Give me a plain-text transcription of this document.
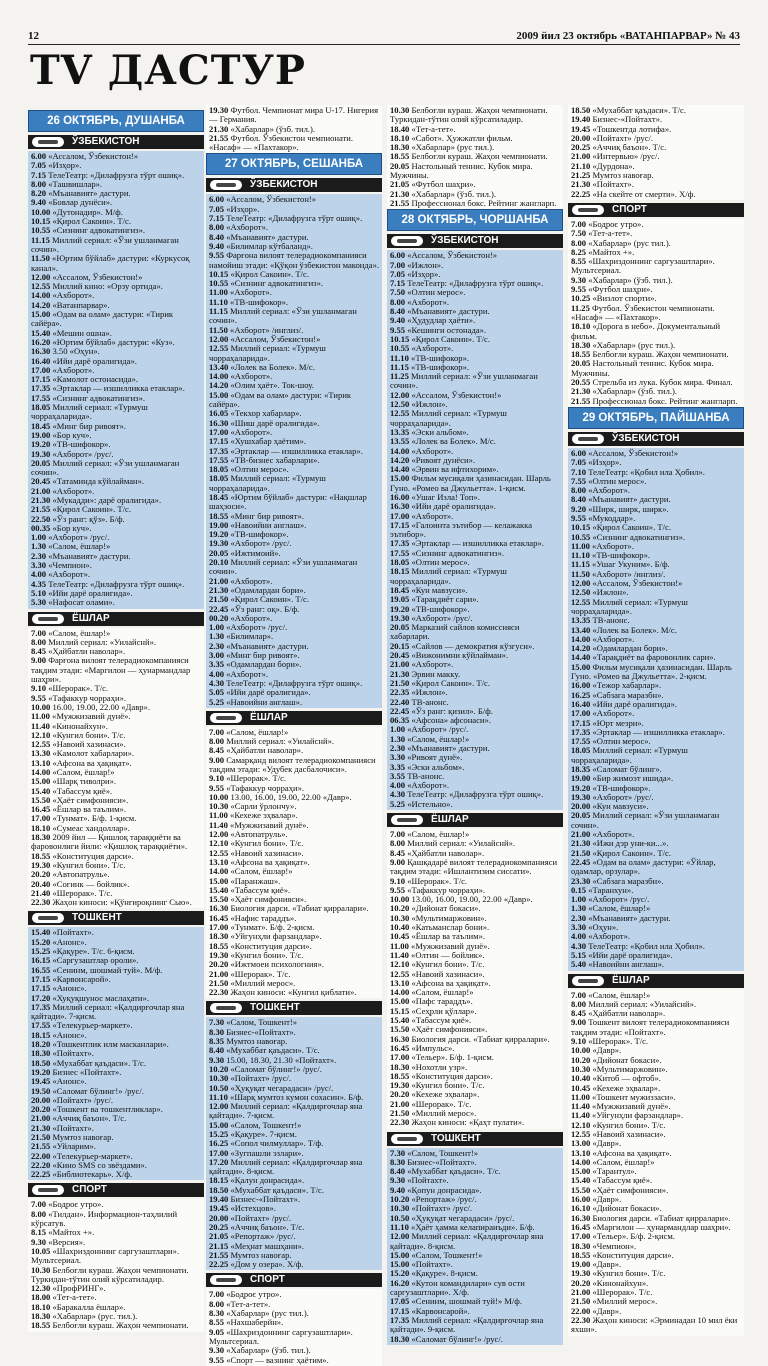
12	2009 йил 23 октябрь «ВАТАНПАРВАР» № 43
TV ДАСТУР
26 ОКТЯБРЬ, ДУШАНБА
ЎЗБЕКИСТОН
6.00 «Ассалом, Ўзбекистон!»
7.05 «Изҳор».
7.15 ТелеТеатр: «Дилафрузга тўрт ошиқ».
8.00 «Ташвишлар».
8.20 «Мъанавият» дастури.
9.40 «Бовлар дунёси».
10.00 «Дутонадир». М/ф.
10.15 «Қирол Сакоин». Т/с.
10.55 «Сизнинг адвокатингиз».
11.15 Миллий сериал: «Ўзи ушланмаган сочин».
11.50 «Юртим бўйлаб» дастури: «Куркусоқ канал».
12.00 «Ассалом, Ўзбекистон!»
12.55 Миллий кино: «Орзу ортида».
14.00 «Ахборот».
14.20 «Ватанпарвар».
15.00 «Одам ва олам» дастури: «Тирик сайёра».
15.40 «Мешин ошна».
16.20 «Юртим бўйлаб» дастури: «Куз».
16.30 3.50 «Оҳун».
16.40 «Ийи дарё оралигида».
17.00 «Ахборот».
17.15 «Камолот остонасида».
17.35 «Эртаклар — изшилликка етаклар».
17.55 «Сизнинг адвокатингиз».
18.05 Миллий сериал: «Турмуш чорраҳаларида».
18.45 «Минг бир ривоят».
19.00 «Бор куч».
19.20 «ТВ-шифокор».
19.30 «Ахборот» /рус/.
20.05 Миллий сериал: «Ўзи ушланмаган сочин».
20.45 «Татаминда кўйлайман».
21.00 «Ахборот».
21.30 «Мукадди»: дарё оралигида».
21.55 «Қирол Сакоин». Т/с.
22.50 «Ўз ранг: қўз». Б/ф.
00.35 «Бор куч».
1.00 «Ахборот» /рус/.
1.30 «Салом, ёшлар!»
2.30 «Мъанавият» дастури.
3.30 «Чемпион».
4.00 «Ахборот».
4.35 ТелеТеатр: «Дилафрузга тўрт ошиқ».
5.10 «Ийи дарё оралигида».
5.30 «Нафосат олами».
ЁШЛАР
7.00 «Салом, ёшлар!»
8.00 Миллий сериал: «Уилайснй».
8.45 «Ҳайбатли наволар».
9.00 Фарғона вилоят телерадиокомпанияси тақдим этади: «Маргилон — ҳунармандлар шаҳри».
9.10 «Шерорак». Т/с.
9.55 «Тафаккур чорраҳи».
10.00 16.00, 19.00, 22.00 «Давр».
11.00 «Мужжизавий дунё».
11.40 «Кинонайхун».
12.10 «Кунгил бони». Т/с.
12.55 «Навоий хазинаси».
13.30 «Камолот хабарлари».
13.10 «Афсона ва ҳақиқат».
14.00 «Салом, ёшлар!»
15.00 «Шарқ тиволри».
15.40 «Табассум қиё».
15.50 «Ҳаёт симфонияси».
16.45 «Ёшлар ва таълим».
17.00 «Тунмат». Б/ф. 1-қисм.
18.10 «Сумеас хандоллар».
18.30 2009 йил — Қишлоқ тараққиёти ва фаровонлиги йили: «Қишлоқ тараққиёти».
18.55 «Конституция дарси».
19.30 «Кунгил бони». Т/с.
20.20 «Автопатруль».
20.40 «Согинк — бойлик».
21.40 «Шерорак». Т/с.
22.30 Жаҳон киноси: «Қўнғироқнинг Сью».
ТОШКЕНТ
15.40 «Пойтахт».
15.20 «Анонс».
15.25 «Қақуре». Т/с. 6-қисм.
16.15 «Саргузаштлар ороли».
16.55 «Сенинм, шошмай туй». М/ф.
17.15 «Карвонсарой».
17.15 «Анонс».
17.20 «Хуқуқшунос маслаҳати».
17.35 Миллий сериал: «Қалдирғочлар яна қайтади». 7-қисм.
17.55 «Телекурьер-маркет».
18.15 «Анонс».
18.20 «Тошкентлик илм масканлари».
18.30 «Пойтахт».
18.50 «Мухаббат қаъдаси». Т/с.
19.20 Бизнес «Пойтахт».
19.45 «Анонс».
19.50 «Саломат бўлинг!» /рус/.
20.00 «Пойтахт» /рус/.
20.20 «Тошкент ва тошкентликлар».
21.00 «Аччиқ баъон». Т/с.
21.30 «Пойтахт».
21.50 Мумтоз навоғар.
21.55 «Уйларим».
22.00 «Телекурьер-маркет».
22.20 «Кино SMS со звёздами».
22.25 «Библиотекарь». Х/ф.
СПОРТ
7.00 «Бодроє утро».
8.00 «Тилдан». Информацион-таҳлилий кўрсатув.
8.15 «Майтоx +».
9.30 «Версия».
10.05 «Шахриздоннинг саргузаштлари». Мультсериал.
10.30 Белбоғли кураш. Жаҳон чемпионати. Туркидан-тўтин олий кўрсатиладир.
12.30 «ПрофРИНГ».
18.00 «Тет-а-тет».
18.10 «Баракалла ёшлар».
18.30 «Хабарлар» (рус. тил.).
18.55 Белбоғли кураш. Жаҳон чемпионати.
19.30 Футбол. Чемпионат мира U-17. Нигерия — Германия.
21.30 «Хабарлар» (ўзб. тил.).
21.55 Футбол. Ўзбекистон чемпионати. «Насаф» — «Пахтакор».
27 ОКТЯБРЬ, СЕШАНБА
ЎЗБЕКИСТОН
6.00 «Ассалом, Ўзбекистон!»
7.05 «Изҳор».
7.15 ТелеТеатр: «Дилафрузга тўрт ошиқ».
8.00 «Ахборот».
8.40 «Мъанавият» дастури.
9.40 «Билимлар кўтбаланд».
9.55 Фарғона вилоят телерадиокомпанияси намойиш этади: «Қўқон ўзбекистон маконда».
10.15 «Қирол Сакоин». Т/с.
10.55 «Сизнинг адвокатингиз».
11.00 «Ахборот».
11.10 «ТВ-шифокор».
11.15 Миллий сериал: «Ўзи ушланмаган сочин».
11.50 «Ахборот» /инглиз/.
12.00 «Ассалом, Ўзбекистон!»
12.55 Миллий сериал: «Турмуш чорраҳаларида».
13.40 «Лолек ва Болек». М/с.
14.00 «Ахборот».
14.20 «Олим ҳаёт». Ток-шоу.
15.00 «Одам ва олам» дастури: «Тирик сайёра».
16.05 «Текхор хабарлар».
16.30 «Шиш дарё оралигида».
17.00 «Ахборот».
17.15 «Хушхабар ҳаётим».
17.35 «Эртаклар — изшилликка етаклар».
17.55 «ТВ-бизнес хабарлари».
18.05 «Олтин мерос».
18.05 Миллий сериал: «Турмуш чорраҳаларида».
18.45 «Юртим бўйлаб» дастури: «Нақшлар шаҳзоси».
18.55 «Минг бир ривоят».
19.00 «Навоийни англаш».
19.20 «ТВ-шифокор».
19.30 «Ахборот» /рус/.
20.05 «Ижтимоий».
20.10 Миллий сериал: «Ўзи ушланмаган сочин».
21.00 «Ахборот».
21.30 «Одамлардан бори».
21.50 «Қирол Сакоин». Т/с.
22.45 «Ўз ранг: оқ». Б/ф.
00.20 «Ахборот».
1.00 «Ахборот» /рус/.
1.30 «Билимлар».
2.30 «Мъанавият» дастури.
3.00 «Минг бир ривоят».
3.35 «Одамлардан бори».
4.00 «Ахборот».
4.30 ТелеТеатр: «Дилафрузга тўрт ошиқ».
5.05 «Ийи дарё оралигида».
5.25 «Навоийни англаш».
ЁШЛАР
7.00 «Салом, ёшлар!»
8.00 Миллий сериал: «Уилайснй».
8.45 «Ҳайбатли наволар».
9.00 Самарқанд вилоят телерадиокомпанияси тақдим этади: «Удубек дасбалочиси».
9.10 «Шерорак». Т/с.
9.55 «Тафаккур чорраҳи».
10.00 13.00, 16.00, 19.00, 22.00 «Давр».
10.30 «Сарли ўрлончу».
11.00 «Кехеже эҳвалар».
11.40 «Мужжизавий дунё».
12.00 «Автопатруль».
12.10 «Кунгил бони». Т/с.
12.55 «Навоий хазинаси».
13.10 «Афсона ва ҳақиқат».
14.00 «Салом, ёшлар!»
15.00 «Паранжаш».
15.40 «Табассум қиё».
15.50 «Ҳаёт симфонияси».
16.30 Биология дарси. «Табиат қирралари».
16.45 «Нафис тараддъ».
17.00 «Тунмат». Б/ф. 2-қисм.
18.30 «Уйгунҳли фарзандлар».
18.55 «Конституция дарси».
19.30 «Кунгил бони». Т/с.
20.20 «Ижтмоеи психологния».
21.00 «Шерорак». Т/с.
21.50 «Миллий мерос».
22.30 Жаҳон киноси: «Кунгил қиблати».
ТОШКЕНТ
7.30 «Салом, Тошкент!»
8.30 Бизнес-«Пойтахт».
8.35 Мумтоз навоғар.
8.40 «Мухаббат қаъдаси». Т/с.
9.30 15.00, 18.30, 21.30 «Пойтахт».
10.20 «Саломат бўлинг!» /рус/.
10.30 «Пойтахт» /рус/.
10.50 «Ҳуқуқат чегарадаси» /рус/.
11.10 «Шарқ мумтоз кумон сохасин». Б/ф.
12.00 Миллий сериал: «Қалдирғочлар яна қайтади». 7-қисм.
15.00 «Салом, Тошкент!»
15.25 «Қақуре». 7-қисм.
16.25 «Сопол чилмуллар». Т/ф.
17.00 «Зугпашли эзлари».
17.20 Миллий сериал: «Қалдирғочлар яна қайтади». 8-қисм.
18.15 «Қалун донрасида».
18.50 «Мухаббат қаъдаси». Т/с.
19.40 Бизнес-«Пойтахт».
19.45 «Истехцов».
20.00 «Пойтахт» /рус/.
20.25 «Аччиқ баъон». Т/с.
21.05 «Репортаж» /рус/.
21.15 «Меҳнат машҳани».
21.55 Мумтоз навоғар.
22.25 «Дом у озера». Х/ф.
СПОРТ
7.00 «Бодроє утро».
8.00 «Тет-а-тет».
8.30 «Хабарлар» (рус тил.).
8.55 «Нахшаберйн».
9.05 «Шахриздоннинг саргузаштлари». Мультсериал.
9.30 «Хабарлар» (ўзб. тил.).
9.55 «Спорт — вазнинг ҳаётим».
10.30 Белбоғли кураш. Жаҳон чемпионати. Туркидан-тўтин олий кўрсатиладир.
18.40 «Тет-а-тет».
18.10 «Сабот». Ҳужжатли фильм.
18.30 «Хабарлар» (рус тил.).
18.55 Белбоғли кураш. Жаҳон чемпионати.
20.05 Настольный теннис. Кубок мира. Мужчины.
21.05 «Футбол шаҳри».
21.30 «Хабарлар» (ўзб. тил.).
21.55 Профессионал бокс. Рейтинг жангларп.
28 ОКТЯБРЬ, ЧОРШАНБА
ЎЗБЕКИСТОН
6.00 «Ассалом, Ўзбекистон!»
7.00 «Ижлон».
7.05 «Изҳор».
7.15 ТелеТеатр: «Дилафрузга тўрт ошиқ».
7.50 «Олтин мерос».
8.00 «Ахборот».
8.40 «Мъанавият» дастури.
9.40 «Ҳудудлар ҳаёти».
9.55 «Кешинги остонада».
10.15 «Қирол Сакоин». Т/с.
10.55 «Ахборот».
11.10 «ТВ-шифокор».
11.15 «ТВ-шифокор».
11.25 Миллий сериал: «Ўзи ушланмаган сочин».
12.00 «Ассалом, Ўзбекистон!»
12.50 «Ижлон».
12.55 Миллий сериал: «Турмуш чорраҳаларида».
13.35 «Эски альбом».
13.55 «Лолек ва Болек». М/с.
14.00 «Ахборот».
14.20 «Ривоят дунёси».
14.40 «Эрвин ва ифтихорим».
15.00 Фильм мусиқали ҳазинасидан. Шарль Гуно. «Ромео ва Джульетта». 1-қисм.
16.00 «Ушаг Изла! Топ».
16.30 «Ийи дарё оралигида».
17.00 «Ахборот».
17.15 «Галоинта эътибор — келажакка эътибор».
17.35 «Эртаклар — изшилликка етаклар».
17.55 «Сизнинг адвокатингиз».
18.05 «Олтин мерос».
18.15 Миллий сериал: «Турмуш чорраҳаларида».
18.45 «Кун мавзуси».
19.05 «Тарақдиёт сари».
19.20 «ТВ-шифокор».
19.30 «Ахборот» /рус/.
20.05 Марказий сайлов комиссияси хабарлари.
20.15 «Сайлов — демократия кўзгуси».
20.45 «Вижонимни кўйлайман».
21.00 «Ахборот».
21.30 Эрвин маккy.
21.50 «Қирол Сакоин». Т/с.
22.35 «Ижлон».
22.40 ТВ-анонс.
22.45 «Ўз ранг: қизил». Б/ф.
06.35 «Афсона» афсонаси».
1.00 «Ахборот» /рус/.
1.30 «Салом, ёшлар!»
2.30 «Мъанавият» дастури.
3.30 «Ривоят дунё».
3.35 «Эски альбом».
3.55 ТВ-анонс.
4.00 «Ахборот».
4.30 ТелеТеатр: «Дилафрузга тўрт ошиқ».
5.25 «Истельно».
ЁШЛАР
7.00 «Салом, ёшлар!»
8.00 Миллий сериал: «Уилайснй».
8.45 «Ҳайбатли наволар».
9.00 Қашқадарё вилоят телерадиокомпанияси тақдим этади: «Ишлантизим сиссати».
9.10 «Шерорак». Т/с.
9.55 «Тафаккур чорраҳи».
10.00 13.00, 16.00, 19.00, 22.00 «Давр».
10.20 «Дийонат бокаси».
10.30 «Мультимаржовин».
10.40 «Катьманслар бони».
10.45 «Ёшлар ва таълим».
11.00 «Мужжизавий дунё».
11.40 «Олтин — бойлик».
12.10 «Кунгил бони». Т/с.
12.55 «Навоий хазинаси».
13.10 «Афсона ва ҳақиқат».
14.00 «Салом, ёшлар!»
15.00 «Пафс тараддъ».
15.15 «Сеҳрли қўллар».
15.40 «Табассум қиё».
15.50 «Ҳаёт симфонияси».
16.30 Биология дарси. «Табиат қирралари».
16.45 «Импульс».
17.00 «Тельер». Б/ф. 1-қисм.
18.30 «Нохотли узр».
18.55 «Конституция дарси».
19.30 «Кунгил бони». Т/с.
20.20 «Кехеже эҳвалар».
21.00 «Шерорак». Т/с.
21.50 «Миллий мерос».
22.30 Жаҳон киноси: «Қаҳт пулати».
ТОШКЕНТ
7.30 «Салом, Тошкент!»
8.30 Бизнес-«Пойтахт».
8.40 «Мухаббат қаъдаси». Т/с.
9.30 «Пойтахт».
9.40 «Қопун донрасида».
10.20 «Репортаж» /рус/.
10.30 «Пойтахт» /рус/.
10.50 «Ҳуқуқат чегарадаси» /рус/.
11.10 «Ҳаёт ҳамма келапираиъди». Б/ф.
12.00 Миллий сериал: «Қалдирғочлар яна қайтади». 8-қисм.
15.00 «Салом, Тошкент!»
15.00 «Пойтахт».
15.20 «Қақуре». 8-қисм.
16.20 «Кутон командилари» сув ости саргузаштлари». Х/ф.
17.05 «Сенинм, шошмай туй!» М/ф.
17.15 «Карвонсарой».
17.35 Миллий сериал: «Қалдирғочлар яна қайтади». 9-қисм.
18.30 «Саломат бўлинг!» /рус/.
18.50 «Мухаббат қаъдаси». Т/с.
19.40 Бизнес-«Пойтахт».
19.45 «Тошкентда лотифа».
20.00 «Пойтахт» /рус/.
20.25 «Аччиқ баъон». Т/с.
21.00 «Интервью» /рус/.
21.10 «Дурдона».
21.25 Мумтоз навоғар.
21.30 «Пойтахт».
22.25 «На скейте от смерти». Х/ф.
СПОРТ
7.00 «Бодроє утро».
7.50 «Тет-а-тет».
8.00 «Хабарлар» (рус тил.).
8.25 «Майтоx +».
8.55 «Шахриздоннинг саргузаштлари». Мультсериал.
9.30 «Хабарлар» (ўзб. тил.).
9.55 «Футбол шаҳри».
10.25 «Визлот спорти».
11.25 Футбол. Ўзбекистон чемпионати. «Насаф» — «Пахтакор».
18.10 «Дорога в небо». Документальный фильм.
18.30 «Хабарлар» (рус тил.).
18.55 Белбоғли кураш. Жаҳон чемпионати.
20.05 Настольный теннис. Кубок мира. Мужчины.
20.55 Стрельба из лука. Кубок мира. Финал.
21.30 «Хабарлар» (ўзб. тил.).
21.55 Профессионал бокс. Рейтинг жангларп.
29 ОКТЯБРЬ, ПАЙШАНБА
ЎЗБЕКИСТОН
6.00 «Ассалом, Ўзбекистон!»
7.05 «Изҳор».
7.10 ТелеТеатр: «Қобил ила Ҳобил».
7.55 «Олтин мерос».
8.00 «Ахборот».
8.40 «Мъанавият» дастури.
9.20 «Ширк, ширк, ширк».
9.55 «Мукоддар».
10.15 «Қирол Сакоин». Т/с.
10.55 «Сизнинг адвокатингиз».
11.00 «Ахборот».
11.10 «ТВ-шифокор».
11.15 «Ушаг Укуним». Б/ф.
11.50 «Ахборот» /инглиз/.
12.00 «Ассалом, Ўзбекистон!»
12.50 «Ижлон».
12.55 Миллий сериал: «Турмуш чорраҳаларида».
13.35 ТВ-анонс.
13.40 «Лолек ва Болек». М/с.
14.00 «Ахборот».
14.20 «Одамлардан бори».
14.40 «Тарақдиёт ва фаровонлик сари».
15.00 Фильм мусиқали ҳазинасидан. Шарль Гуно. «Ромео ва Джульетта». 2-қисм.
16.00 «Тежор хабарлар».
16.25 «Сабзага маразбн».
16.40 «Ийи дарё оралигида».
17.00 «Ахборот».
17.15 «Юрт мезри».
17.35 «Эртаклар — изшилликка етаклар».
17.55 «Олтин мерос».
18.05 Миллий сериал: «Турмуш чорраҳаларида».
18.35 «Саломат бўлинг».
19.00 «Бир жимоэт ишида».
19.20 «ТВ-шифокор».
19.30 «Ахборот» /рус/.
20.00 «Кун мавзуси».
20.05 Миллий сериал: «Ўзи ушланмаган сочин».
21.00 «Ахборот».
21.30 «Ижи дэр уни-ки...».
21.50 «Қирол Сакоин». Т/с.
22.45 «Одам ва олам» дастури: «Ўйлар, одамлар, орзулар».
23.30 «Сабзага маразбн».
0.15 «Таранхун».
1.00 «Ахборот» /рус/.
1.30 «Салом, ёшлар!»
2.30 «Мъанавият» дастури.
3.30 «Оҳун».
4.00 «Ахборот».
4.30 ТелеТеатр: «Қобил ила Ҳобил».
5.15 «Ийи дарё оралигида».
5.40 «Навоийни англаш».
ЁШЛАР
7.00 «Салом, ёшлар!»
8.00 Миллий сериал: «Уилайснй».
8.45 «Ҳайбатли наволар».
9.00 Тошкент вилоят телерадиокомпанияси тақдим этади: «Пойтахт».
9.10 «Шерорак». Т/с.
10.00 «Давр».
10.20 «Дийонат бокаси».
10.30 «Мультимаржовин».
10.40 «Китоб — офтоб».
10.45 «Кехеже эҳвалар».
11.00 «Тошкент мужиззаси».
11.40 «Мужжизавий дунё».
11.40 «Уйгунҳли фарзандлар».
12.10 «Кунгил бони». Т/с.
12.55 «Навоий хазинаси».
13.00 «Давр».
13.10 «Афсона ва ҳақиқат».
14.00 «Салом, ёшлар!»
15.00 «Тарантул».
15.40 «Табассум қиё».
15.50 «Ҳаёт симфонияси».
16.00 «Давр».
16.10 «Дийонат бокаси».
16.30 Биология дарси. «Табиат қирралари».
16.45 «Маргилон — ҳунармандлар шаҳри».
17.00 «Тельер». Б/ф. 2-қисм.
18.30 «Чемпион».
18.55 «Конституция дарси».
19.00 «Давр».
19.30 «Кунгил бони». Т/с.
20.20 «Кинонайхун».
21.00 «Шерорак». Т/с.
21.50 «Миллий мерос».
22.00 «Давр».
22.30 Жаҳон киноси: «Эрминадан 10 мил ёки яхши».
